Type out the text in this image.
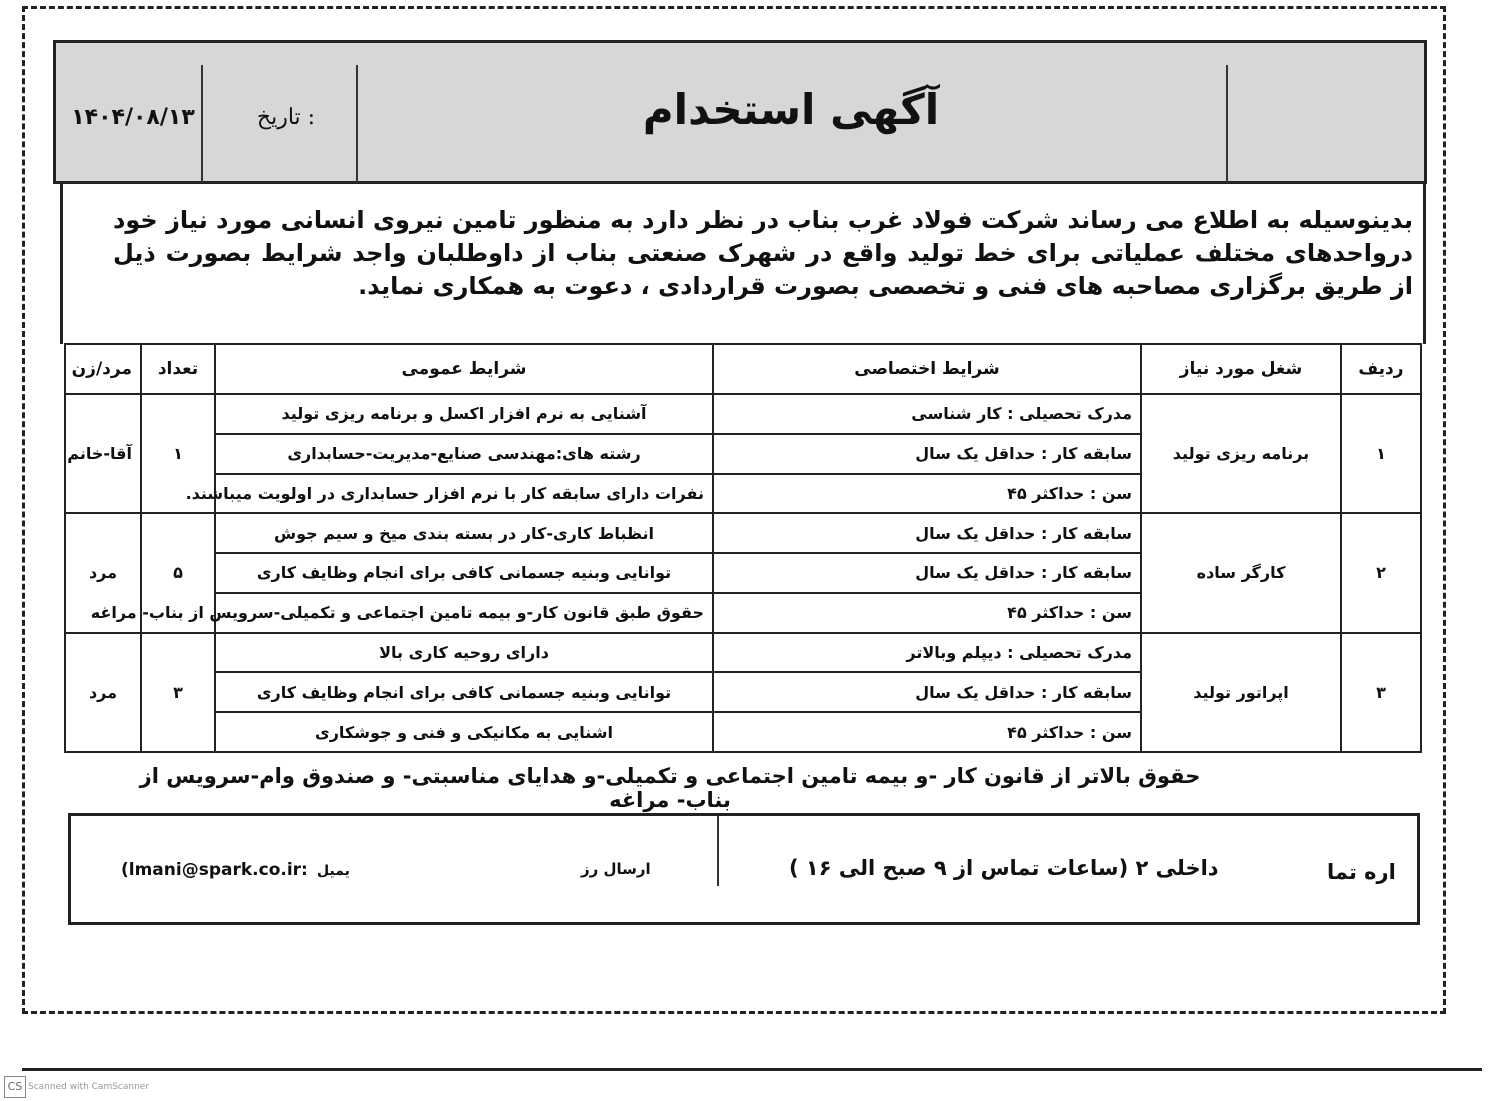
۱۴۰۴/۰۸/۱۳	تاریخ :	آگهی استخدام
بدینوسیله به اطلاع می رساند شرکت فولاد غرب بناب در نظر دارد به منظور تامین نیروی انسانی مورد نیاز خود درواحدهای مختلف عملیاتی برای خط تولید واقع در شهرک صنعتی بناب از داوطلبان واجد شرایط بصورت ذیل از طریق برگزاری مصاحبه های فنی و تخصصی بصورت قراردادی ، دعوت به همکاری نماید.
ردیف	شغل مورد نیاز	شرایط اختصاصی	شرایط عمومی	تعداد	مرد/زن
۱	برنامه ریزی تولید	مدرک تحصیلی : کار شناسی	آشنایی به نرم افزار اکسل و برنامه ریزی تولید	۱	آقا-خانم
		سابقه کار : حداقل یک سال	رشته های:مهندسی صنایع-مدیریت-حسابداری		
		سن : حداکثر ۴۵	نفرات دارای سابقه کار با نرم افزار حسابداری در اولویت میباشند.		
۲	کارگر ساده	سابقه کار : حداقل یک سال	انظباط کاری-کار در بسته بندی میخ و سیم جوش	۵	مرد
		سابقه کار : حداقل یک سال	توانایی وبنیه جسمانی کافی برای انجام وظایف کاری		
		سن : حداکثر ۴۵	حقوق طبق قانون کار-و بیمه تامین اجتماعی و تکمیلی-سرویس از بناب- مراغه		
۳	اپراتور تولید	مدرک تحصیلی : دیپلم وبالاتر	دارای روحیه کاری بالا	۳	مرد
		سابقه کار : حداقل یک سال	توانایی وبنیه جسمانی کافی برای انجام وظایف کاری		
		سن : حداکثر ۴۵	اشنایی به مکانیکی و فنی و جوشکاری		
حقوق بالاتر از قانون کار -و بیمه تامین اجتماعی و تکمیلی-و هدایای مناسبتی- و صندوق وام-سرویس از بناب- مراغه
(lmani@spark.co.ir: یمیل	ارسال رز	داخلی ۲ (ساعات تماس از ۹ صبح الی ۱۶ )	اره تما
CS Scanned with CamScanner
